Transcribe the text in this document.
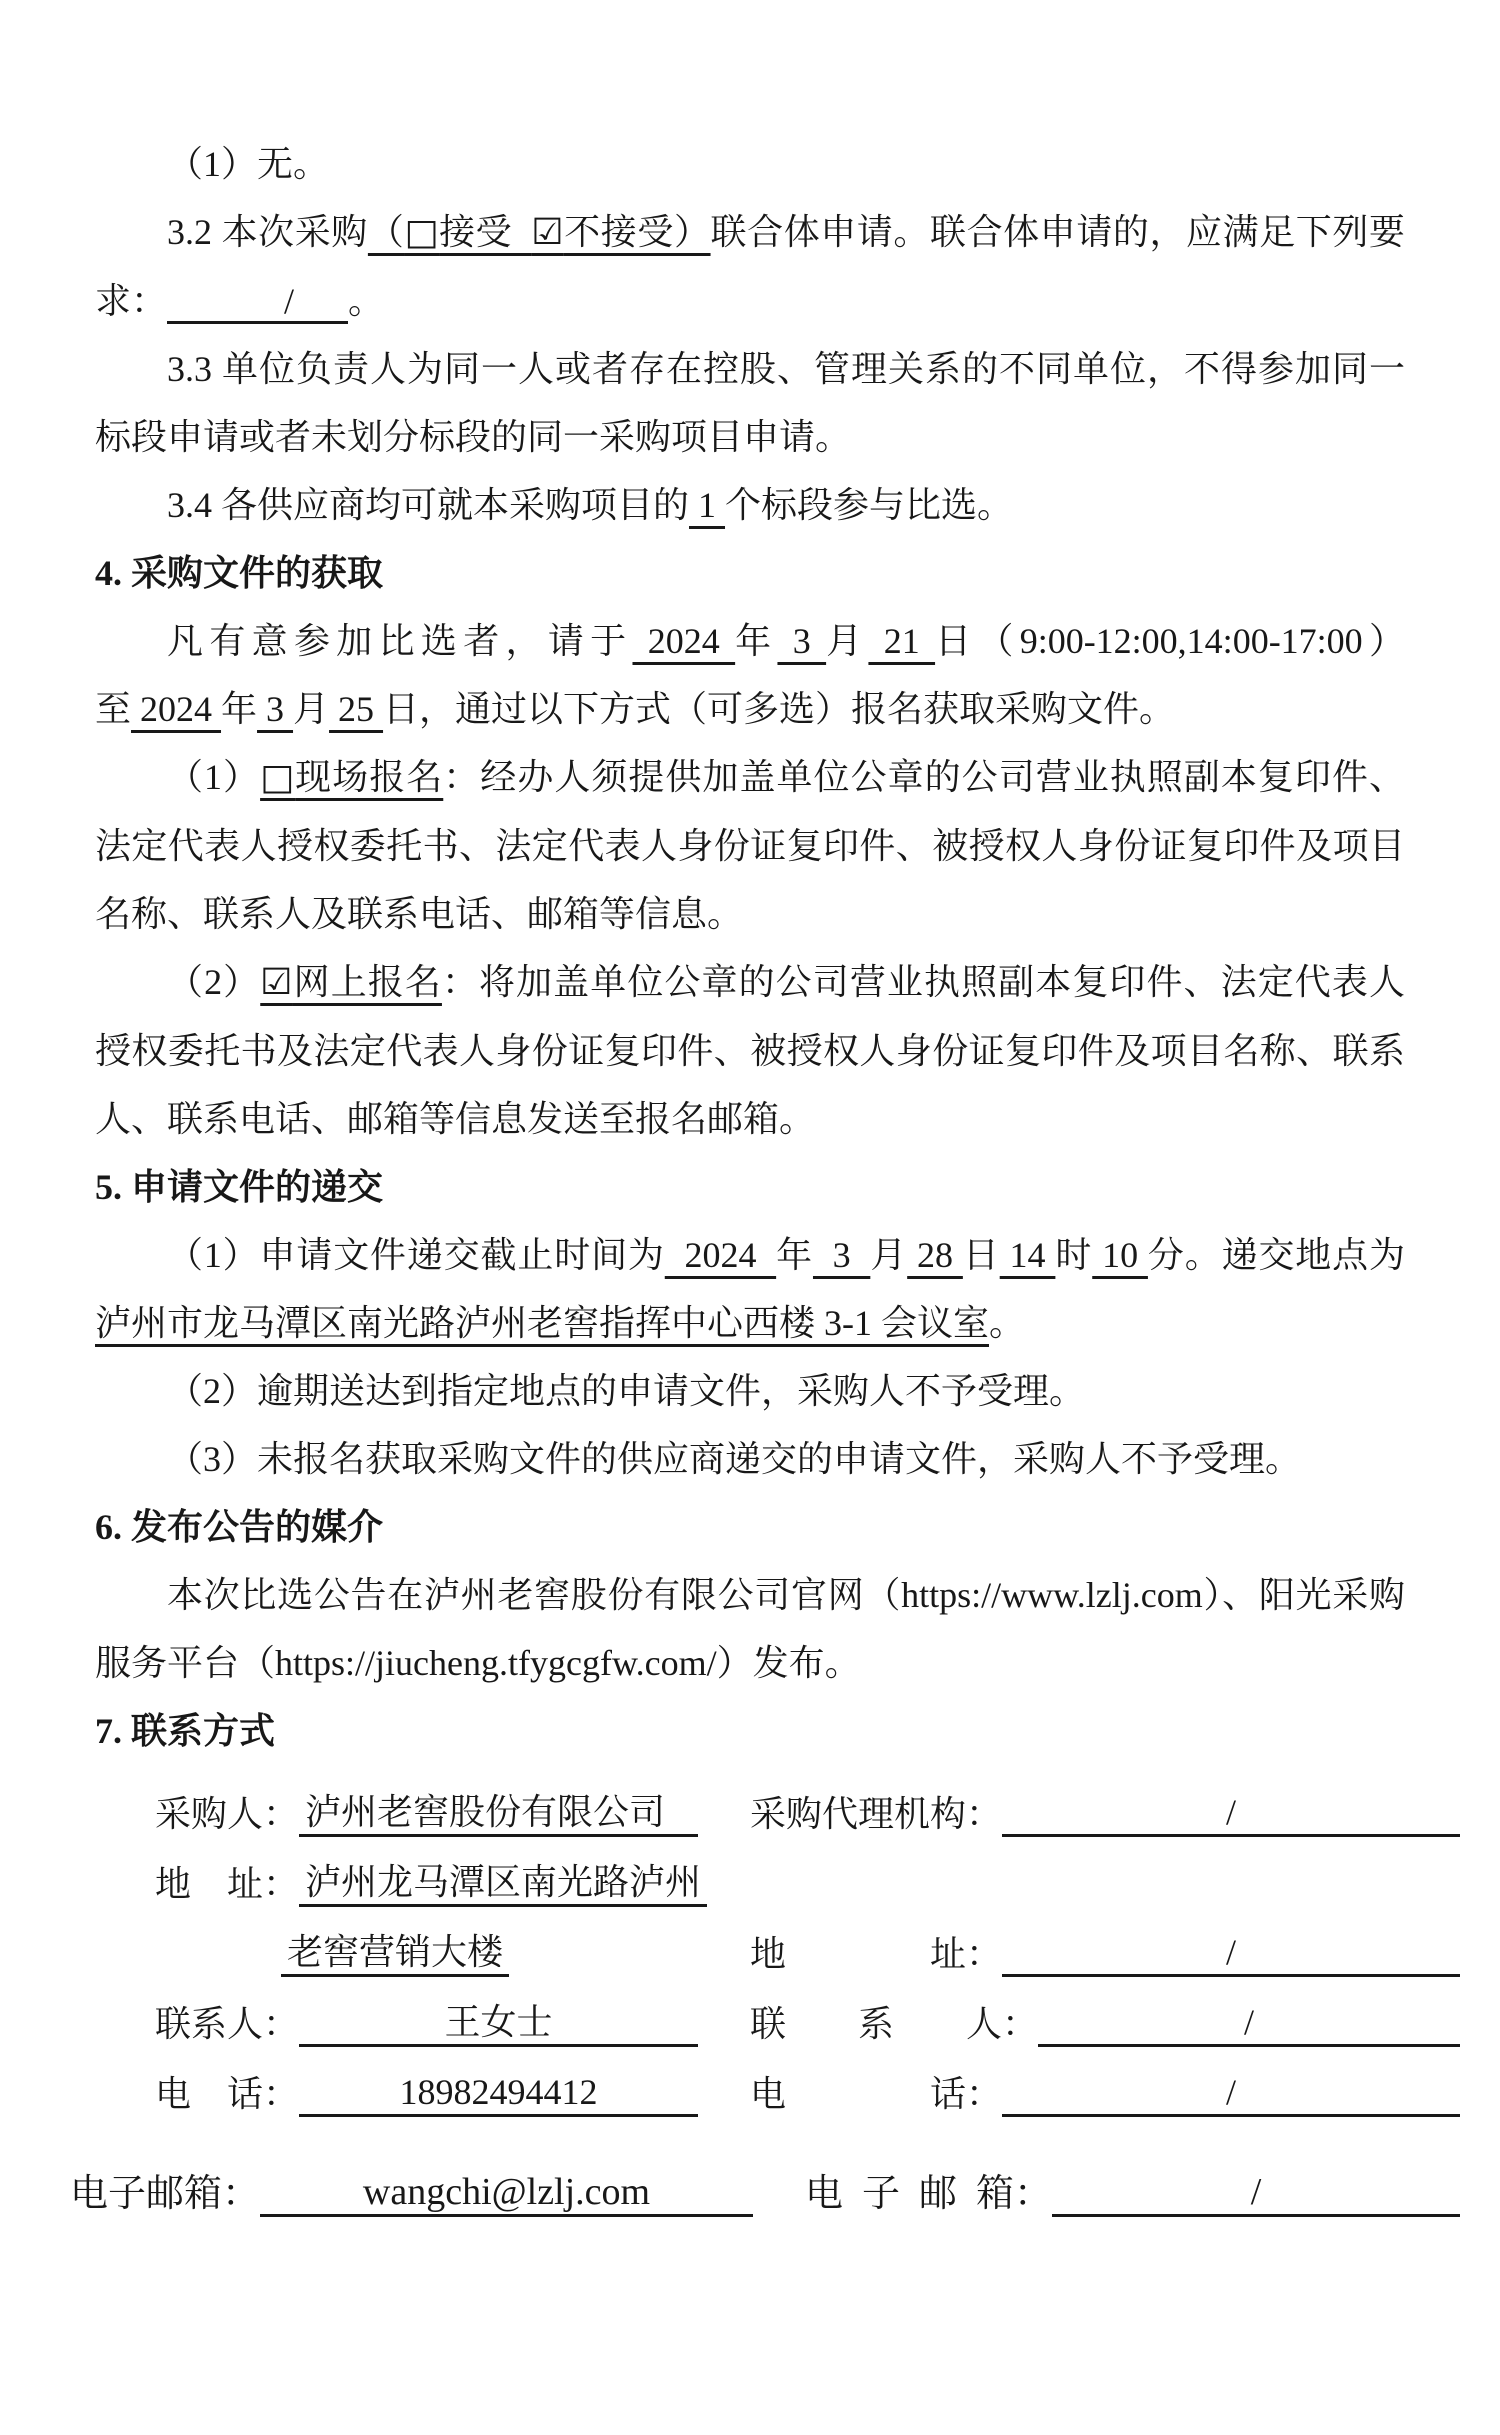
（1）无。

3.2 本次采购（□接受  ☑不接受）联合体申请。联合体申请的，应满足下列要求：     /      。

3.3 单位负责人为同一人或者存在控股、管理关系的不同单位，不得参加同一标段申请或者未划分标段的同一采购项目申请。

3.4 各供应商均可就本采购项目的 1 个标段参与比选。

4. 采购文件的获取

凡有意参加比选者，请于 2024 年 3 月 21 日（9:00-12:00,14:00-17:00）至 2024 年 3 月 25 日，通过以下方式（可多选）报名获取采购文件。

（1）□现场报名：经办人须提供加盖单位公章的公司营业执照副本复印件、法定代表人授权委托书、法定代表人身份证复印件、被授权人身份证复印件及项目名称、联系人及联系电话、邮箱等信息。

（2）☑网上报名：将加盖单位公章的公司营业执照副本复印件、法定代表人授权委托书及法定代表人身份证复印件、被授权人身份证复印件及项目名称、联系人、联系电话、邮箱等信息发送至报名邮箱。

5. 申请文件的递交

（1）申请文件递交截止时间为  2024  年  3  月 28 日 14 时 10 分。递交地点为泸州市龙马潭区南光路泸州老窖指挥中心西楼 3-1 会议室。

（2）逾期送达到指定地点的申请文件，采购人不予受理。

（3）未报名获取采购文件的供应商递交的申请文件，采购人不予受理。

6. 发布公告的媒介

本次比选公告在泸州老窖股份有限公司官网（https://www.lzlj.com）、阳光采购服务平台（https://jiucheng.tfygcgfw.com/）发布。

7. 联系方式

采购人： 泸州老窖股份有限公司	采购代理机构：	/
地　址： 泸州龙马潭区南光路泸州
老窖营销大楼	地　　　　址：	/
联系人：	王女士	联　　系　　人：	/
电　话：	18982494412	电　　　　话：	/
电子邮箱：	wangchi@lzlj.com	电  子  邮  箱：	/
